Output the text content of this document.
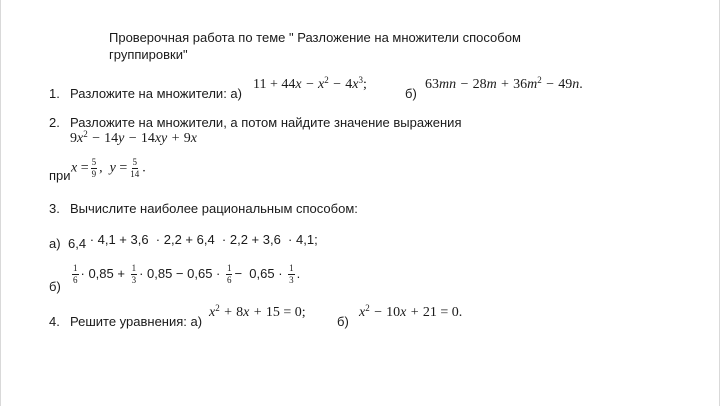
Проверочная работа по теме " Разложение на множители способом
группировки"
1. Разложите на множители: а)
$11 + 44x - x^2 - 4x^3$;
б)
$63mn - 28m + 36m^2 - 49n$.
2. Разложите на множители, а потом найдите значение выражения
$9x^2 - 14y - 14xy + 9x$
при $x = \frac{5}{9}$ ,  $y = \frac{5}{14}$ .
3. Вычислите наиболее рациональным способом:
а) 6,4 · 4,1 + 3,6  · 2,2 + 6,4  · 2,2 + 3,6  · 4,1;
б)
$\frac{1}{6} \cdot 0,85 + \frac{1}{3} \cdot 0,85 - 0,65 \cdot \frac{1}{6} - 0,65 \cdot \frac{1}{3}$ .
4. Решите уравнения: а)
$x^2 + 8x + 15 = 0$;
б)
$x^2 - 10x + 21 = 0$.
